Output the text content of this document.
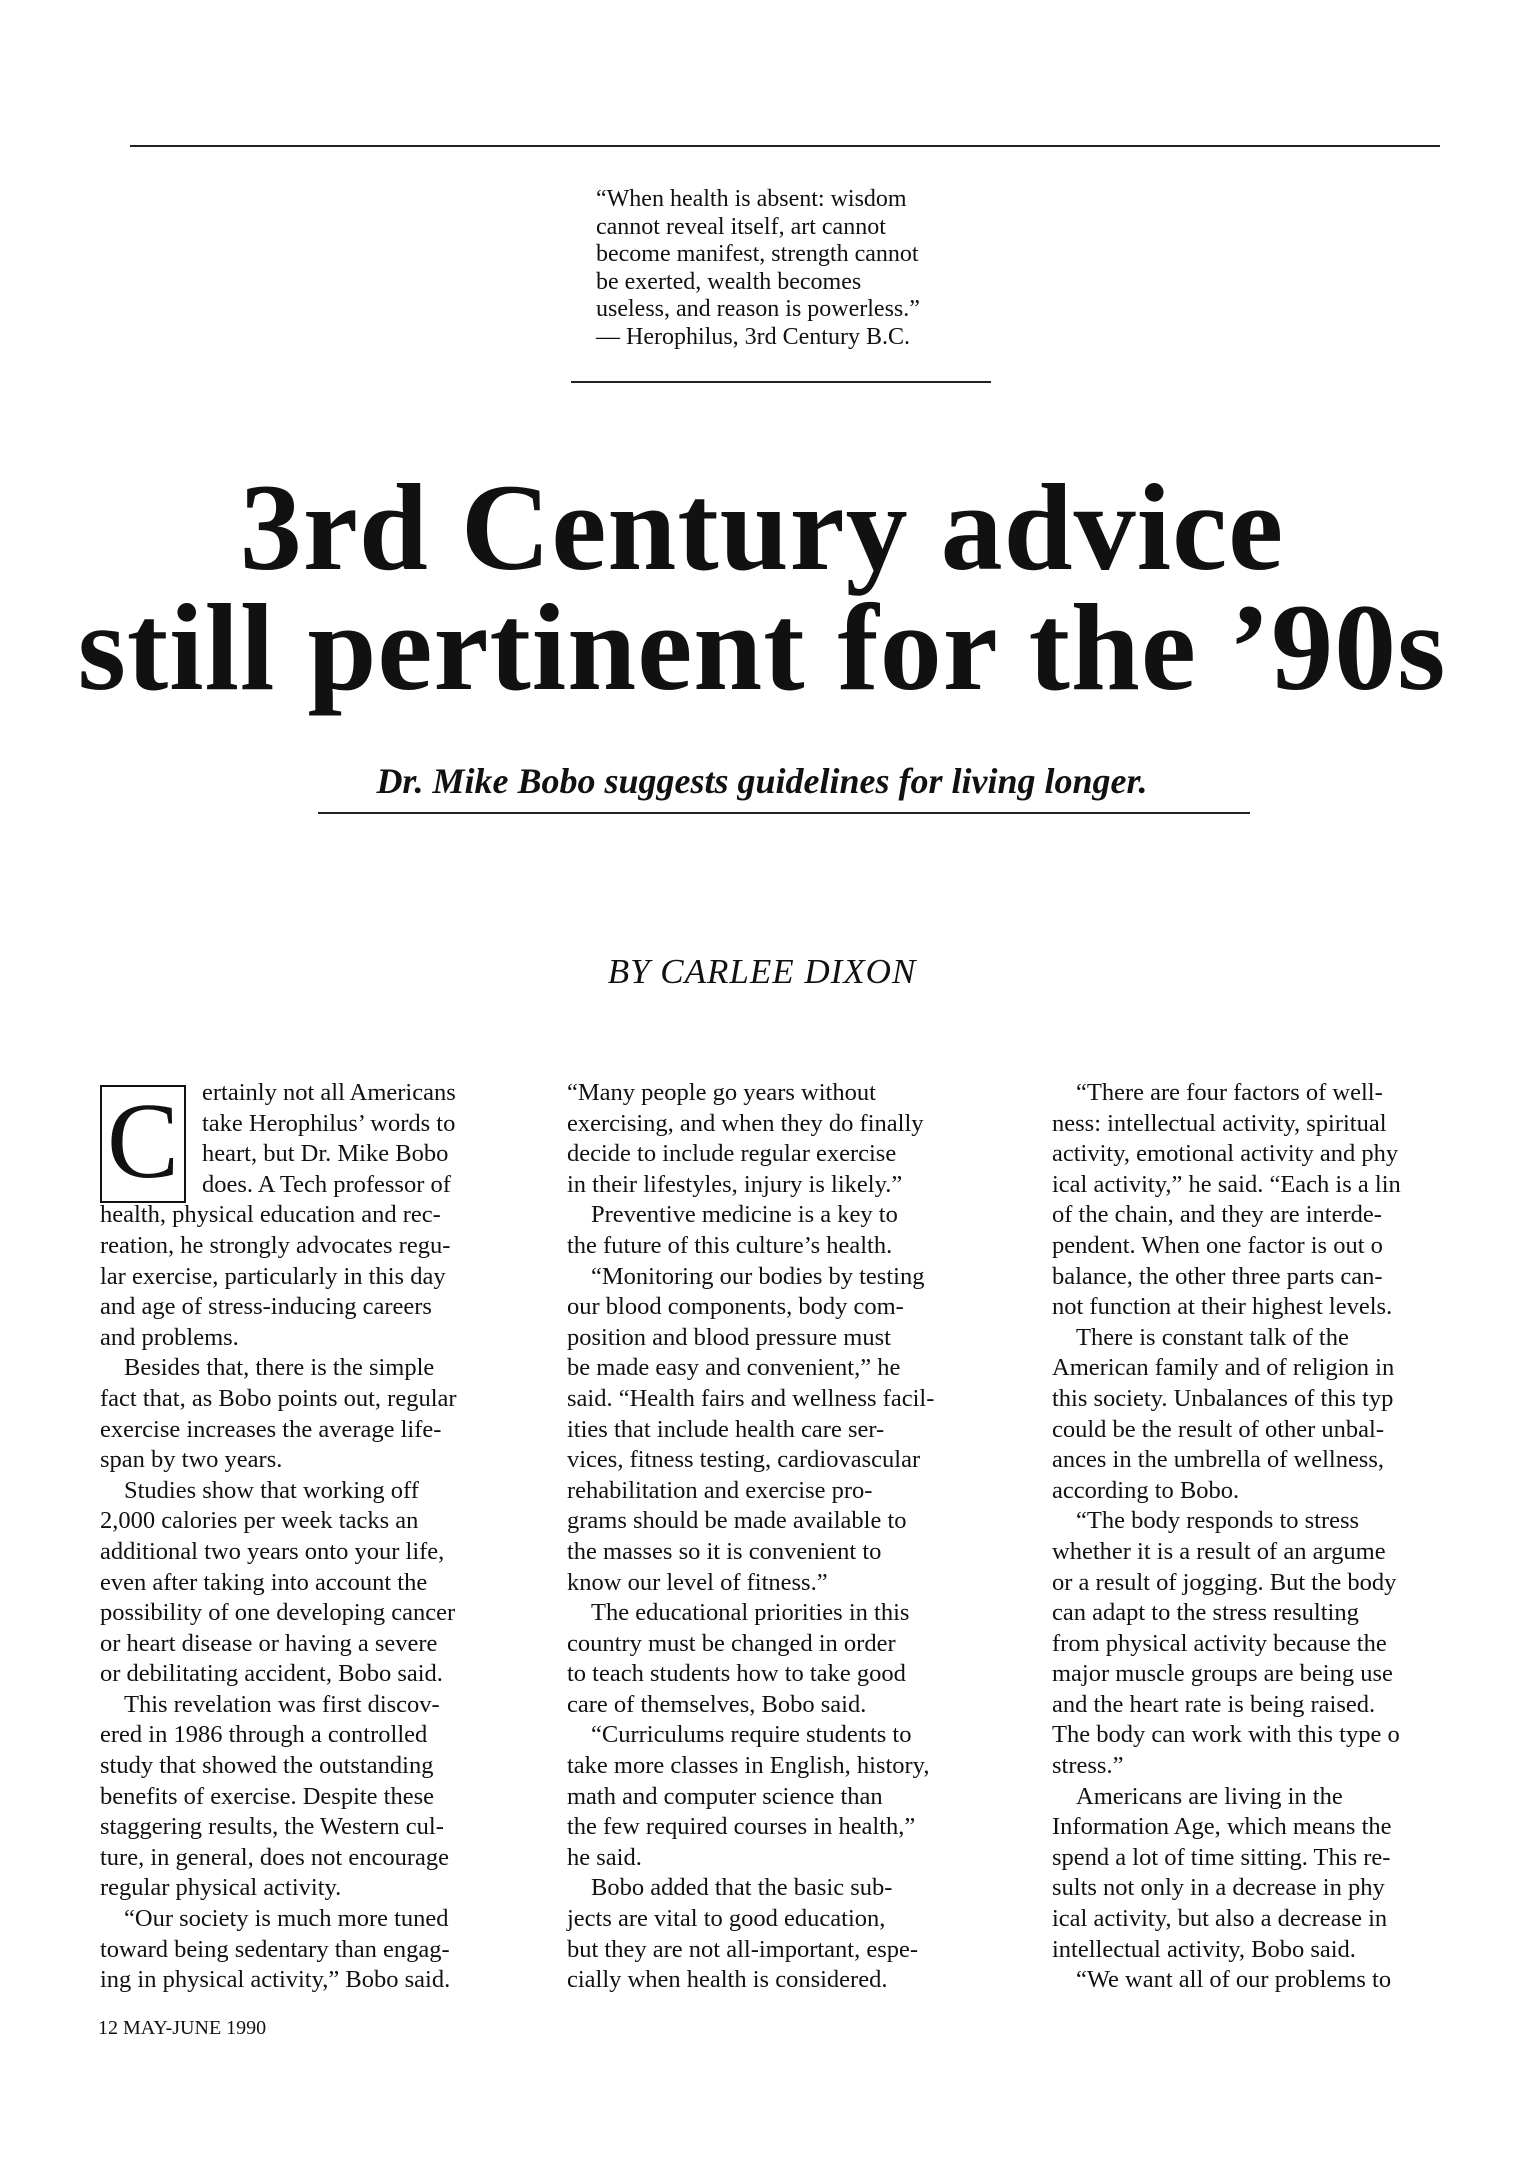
“When health is absent: wisdom
cannot reveal itself, art cannot
become manifest, strength cannot
be exerted, wealth becomes
useless, and reason is powerless.”
— Herophilus, 3rd Century B.C.
3rd Century advice
still pertinent for the ’90s
Dr. Mike Bobo suggests guidelines for living longer.
BY CARLEE DIXON
C ertainly not all Americans
take Herophilus’ words to
heart, but Dr. Mike Bobo
does. A Tech professor of
health, physical education and rec-
reation, he strongly advocates regu-
lar exercise, particularly in this day
and age of stress-inducing careers
and problems.
Besides that, there is the simple
fact that, as Bobo points out, regular
exercise increases the average life-
span by two years.
Studies show that working off
2,000 calories per week tacks an
additional two years onto your life,
even after taking into account the
possibility of one developing cancer
or heart disease or having a severe
or debilitating accident, Bobo said.
This revelation was first discov-
ered in 1986 through a controlled
study that showed the outstanding
benefits of exercise. Despite these
staggering results, the Western cul-
ture, in general, does not encourage
regular physical activity.
“Our society is much more tuned
toward being sedentary than engag-
ing in physical activity,” Bobo said.
“Many people go years without
exercising, and when they do finally
decide to include regular exercise
in their lifestyles, injury is likely.”
Preventive medicine is a key to
the future of this culture’s health.
“Monitoring our bodies by testing
our blood components, body com-
position and blood pressure must
be made easy and convenient,” he
said. “Health fairs and wellness facil-
ities that include health care ser-
vices, fitness testing, cardiovascular
rehabilitation and exercise pro-
grams should be made available to
the masses so it is convenient to
know our level of fitness.”
The educational priorities in this
country must be changed in order
to teach students how to take good
care of themselves, Bobo said.
“Curriculums require students to
take more classes in English, history,
math and computer science than
the few required courses in health,”
he said.
Bobo added that the basic sub-
jects are vital to good education,
but they are not all-important, espe-
cially when health is considered.
“There are four factors of well-
ness: intellectual activity, spiritual
activity, emotional activity and phy
ical activity,” he said. “Each is a lin
of the chain, and they are interde-
pendent. When one factor is out o
balance, the other three parts can-
not function at their highest levels.
There is constant talk of the
American family and of religion in
this society. Unbalances of this typ
could be the result of other unbal-
ances in the umbrella of wellness,
according to Bobo.
“The body responds to stress
whether it is a result of an argume
or a result of jogging. But the body
can adapt to the stress resulting
from physical activity because the
major muscle groups are being use
and the heart rate is being raised.
The body can work with this type o
stress.”
Americans are living in the
Information Age, which means the
spend a lot of time sitting. This re-
sults not only in a decrease in phy
ical activity, but also a decrease in
intellectual activity, Bobo said.
“We want all of our problems to
12 MAY-JUNE 1990
